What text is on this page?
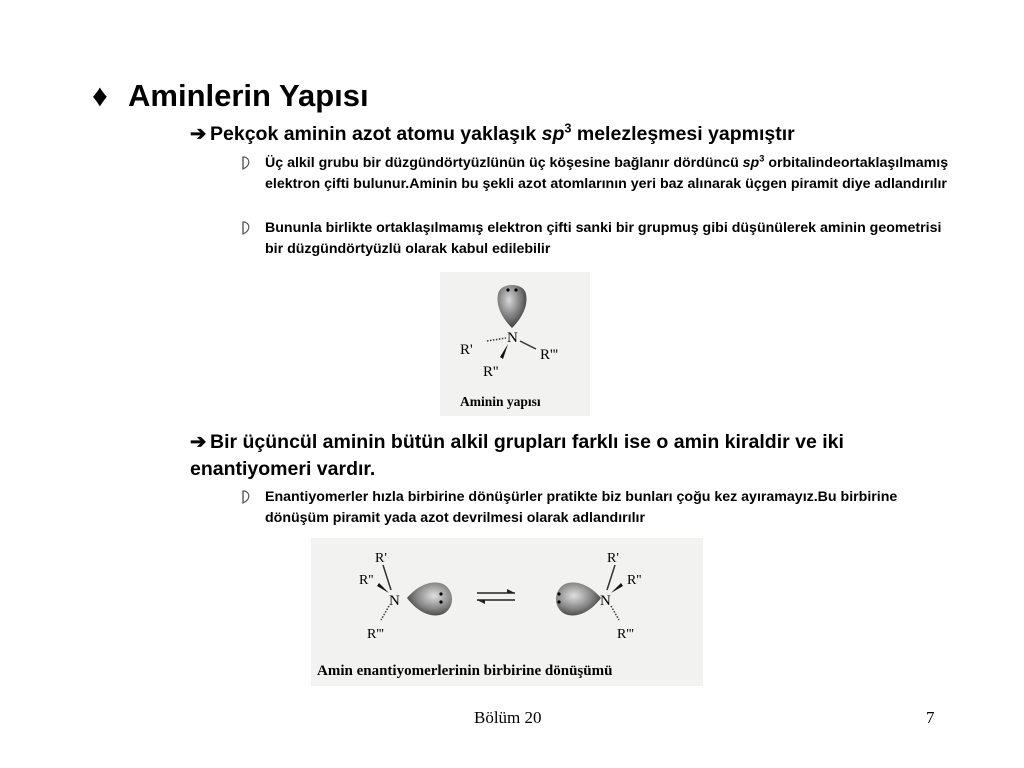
♦ Aminlerin Yapısı
➔ Pekçok aminin azot atomu yaklaşık $sp^3$ melezleşmesi yapmıştır
Üç alkil grubu bir düzgündörtyüzlünün üç köşesine bağlanır dördüncü $sp^3$ orbitalindeortaklaşılmamış elektron çifti bulunur.Aminin bu şekli azot atomlarının yeri baz alınarak üçgen piramit diye adlandırılır
Bununla birlikte ortaklaşılmamış elektron çifti sanki bir grupmuş gibi düşünülerek aminin geometrisi bir düzgündörtyüzlü olarak kabul edilebilir
N
R'	R'''
R''
Aminin yapısı
➔ Bir üçüncül aminin bütün alkil grupları farklı ise o amin kiraldir ve iki enantiyomeri vardır.
Enantiyomerler hızla birbirine dönüşürler pratikte biz bunları çoğu kez ayıramayız.Bu birbirine dönüşüm piramit yada azot devrilmesi olarak adlandırılır
N
R'
R''
R'''
N
R'
R''
R'''
Amin enantiyomerlerinin birbirine dönüşümü
Bölüm 20	7
